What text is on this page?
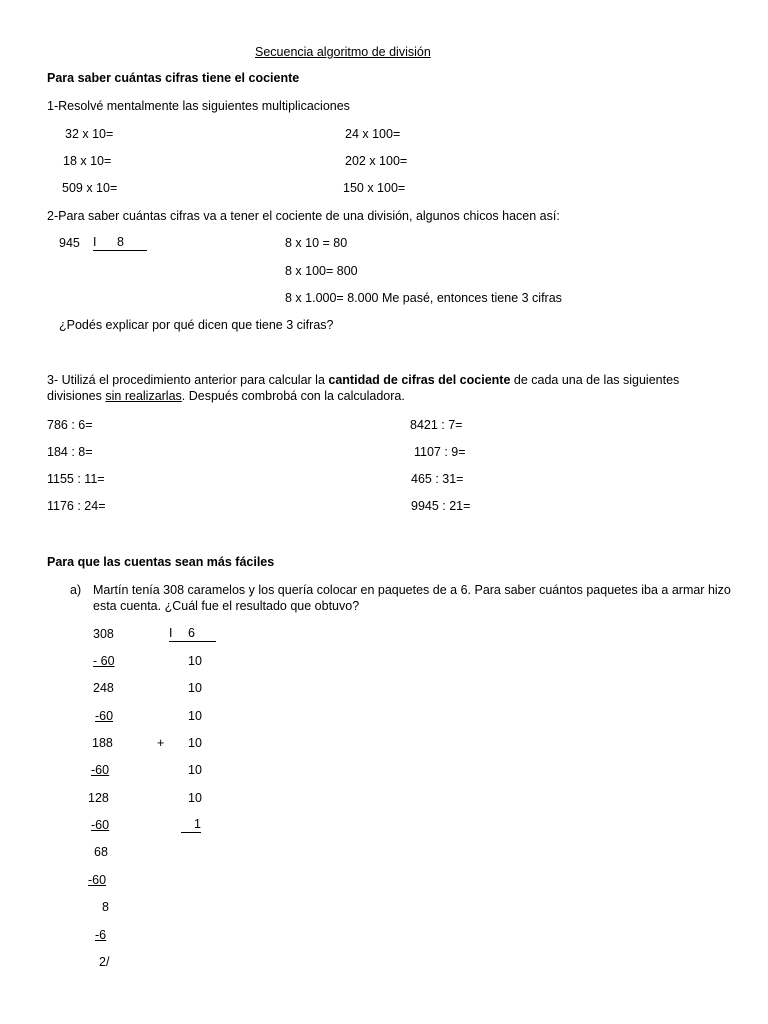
Secuencia algoritmo de división
Para saber cuántas cifras tiene el cociente
1-Resolvé mentalmente las siguientes multiplicaciones
32 x 10=
18 x 10=
509 x 10=
24 x 100=
202 x 100=
150 x 100=
2-Para saber cuántas cifras va a tener el cociente de una división, algunos chicos hacen así:
945 I 8	8 x 10 = 80
8 x 100= 800
8 x 1.000= 8.000 Me pasé, entonces tiene 3 cifras
¿Podés explicar por qué dicen que tiene 3 cifras?
3- Utilizá el procedimiento anterior para calcular la cantidad de cifras del cociente de cada una de las siguientes divisiones sin realizarlas. Después combrobá con la calculadora.
786 : 6=
184 : 8=
1155 : 11=
1176 : 24=
8421 : 7=
1107 : 9=
465 : 31=
9945 : 21=
Para que las cuentas sean más fáciles
a) Martín tenía 308 caramelos y los quería colocar en paquetes de a 6. Para saber cuántos paquetes iba a armar hizo esta cuenta. ¿Cuál fue el resultado que obtuvo?
308	I 6
- 60
248
-60
188
-60
128
-60
68
-60
8
-6
2/
10
10
10
10
10
10
1
+
